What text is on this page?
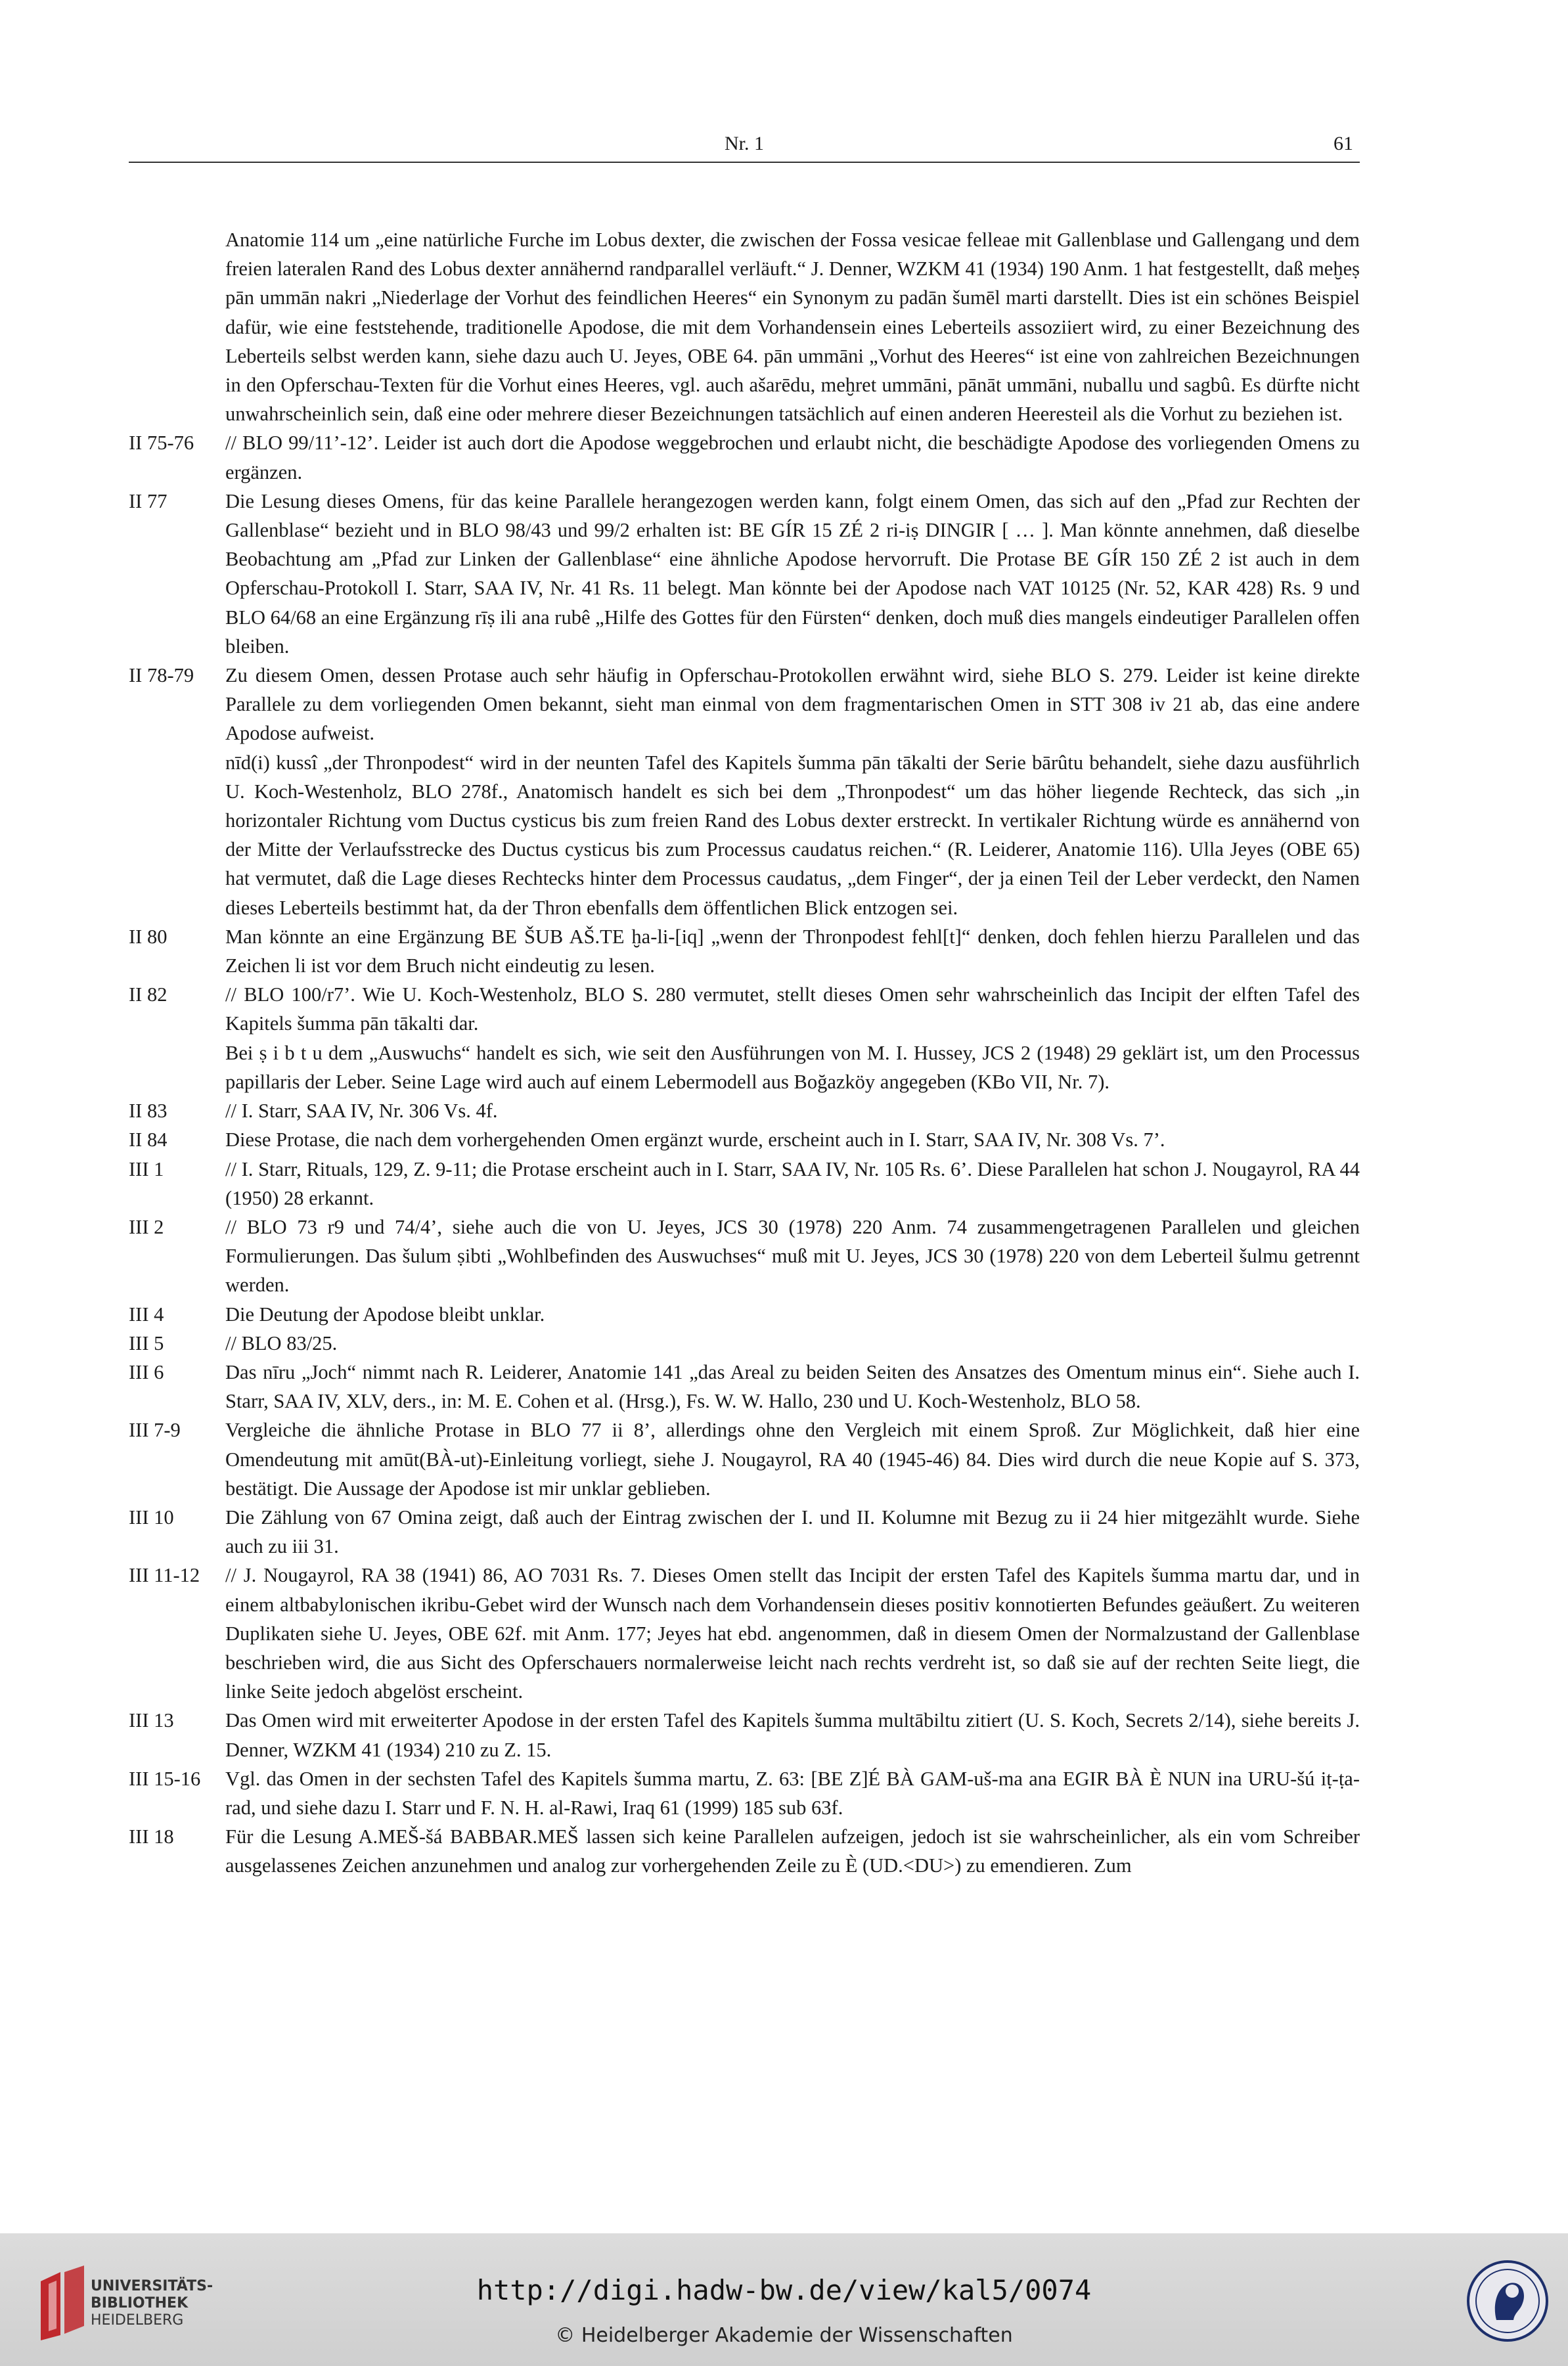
Nr. 1	61

Anatomie 114 um „eine natürliche Furche im Lobus dexter, die zwischen der Fossa vesicae felleae mit Gallenblase und Gallengang und dem freien lateralen Rand des Lobus dexter annähernd randparallel verläuft.“ J. Denner, WZKM 41 (1934) 190 Anm. 1 hat festgestellt, daß meḫeṣ pān ummān nakri „Niederlage der Vorhut des feindlichen Heeres“ ein Synonym zu padān šumēl marti darstellt. Dies ist ein schönes Beispiel dafür, wie eine feststehende, traditionelle Apodose, die mit dem Vorhandensein eines Leberteils assoziiert wird, zu einer Bezeichnung des Leberteils selbst werden kann, siehe dazu auch U. Jeyes, OBE 64. pān ummāni „Vorhut des Heeres“ ist eine von zahlreichen Bezeichnungen in den Opferschau-Texten für die Vorhut eines Heeres, vgl. auch ašarēdu, meḫret ummāni, pānāt ummāni, nuballu und sagbû. Es dürfte nicht unwahrscheinlich sein, daß eine oder mehrere dieser Bezeichnungen tatsächlich auf einen anderen Heeresteil als die Vorhut zu beziehen ist.

II 75-76 // BLO 99/11’-12’. Leider ist auch dort die Apodose weggebrochen und erlaubt nicht, die beschädigte Apodose des vorliegenden Omens zu ergänzen.

II 77	Die Lesung dieses Omens, für das keine Parallele herangezogen werden kann, folgt einem Omen, das sich auf den „Pfad zur Rechten der Gallenblase“ bezieht und in BLO 98/43 und 99/2 erhalten ist: BE GÍR 15 ZÉ 2 ri-iṣ DINGIR [ … ]. Man könnte annehmen, daß dieselbe Beobachtung am „Pfad zur Linken der Gallenblase“ eine ähnliche Apodose hervorruft. Die Protase BE GÍR 150 ZÉ 2 ist auch in dem Opferschau-Protokoll I. Starr, SAA IV, Nr. 41 Rs. 11 belegt. Man könnte bei der Apodose nach VAT 10125 (Nr. 52, KAR 428) Rs. 9 und BLO 64/68 an eine Ergänzung rīṣ ili ana rubê „Hilfe des Gottes für den Fürsten“ denken, doch muß dies mangels eindeutiger Parallelen offen bleiben.

II 78-79 Zu diesem Omen, dessen Protase auch sehr häufig in Opferschau-Protokollen erwähnt wird, siehe BLO S. 279. Leider ist keine direkte Parallele zu dem vorliegenden Omen bekannt, sieht man einmal von dem fragmentarischen Omen in STT 308 iv 21 ab, das eine andere Apodose aufweist.

nīd(i) kussî „der Thronpodest“ wird in der neunten Tafel des Kapitels šumma pān tākalti der Serie bārûtu behandelt, siehe dazu ausführlich U. Koch-Westenholz, BLO 278f., Anatomisch handelt es sich bei dem „Thronpodest“ um das höher liegende Rechteck, das sich „in horizontaler Richtung vom Ductus cysticus bis zum freien Rand des Lobus dexter erstreckt. In vertikaler Richtung würde es annähernd von der Mitte der Verlaufsstrecke des Ductus cysticus bis zum Processus caudatus reichen.“ (R. Leiderer, Anatomie 116). Ulla Jeyes (OBE 65) hat vermutet, daß die Lage dieses Rechtecks hinter dem Processus caudatus, „dem Finger“, der ja einen Teil der Leber verdeckt, den Namen dieses Leberteils bestimmt hat, da der Thron ebenfalls dem öffentlichen Blick entzogen sei.

II 80	Man könnte an eine Ergänzung BE ŠUB AŠ.TE ḫa-li-[iq] „wenn der Thronpodest fehl[t]“ denken, doch fehlen hierzu Parallelen und das Zeichen li ist vor dem Bruch nicht eindeutig zu lesen.

II 82	// BLO 100/r7’. Wie U. Koch-Westenholz, BLO S. 280 vermutet, stellt dieses Omen sehr wahrscheinlich das Incipit der elften Tafel des Kapitels šumma pān tākalti dar.

Bei ṣ i b t u dem „Auswuchs“ handelt es sich, wie seit den Ausführungen von M. I. Hussey, JCS 2 (1948) 29 geklärt ist, um den Processus papillaris der Leber. Seine Lage wird auch auf einem Lebermodell aus Boğazköy angegeben (KBo VII, Nr. 7).

II 83	// I. Starr, SAA IV, Nr. 306 Vs. 4f.

II 84	Diese Protase, die nach dem vorhergehenden Omen ergänzt wurde, erscheint auch in I. Starr, SAA IV, Nr. 308 Vs. 7’.

III 1	// I. Starr, Rituals, 129, Z. 9-11; die Protase erscheint auch in I. Starr, SAA IV, Nr. 105 Rs. 6’. Diese Parallelen hat schon J. Nougayrol, RA 44 (1950) 28 erkannt.

III 2	// BLO 73 r9 und 74/4’, siehe auch die von U. Jeyes, JCS 30 (1978) 220 Anm. 74 zusammengetragenen Parallelen und gleichen Formulierungen. Das šulum ṣibti „Wohlbefinden des Auswuchses“ muß mit U. Jeyes, JCS 30 (1978) 220 von dem Leberteil šulmu getrennt werden.

III 4	Die Deutung der Apodose bleibt unklar.

III 5	// BLO 83/25.

III 6	Das nīru „Joch“ nimmt nach R. Leiderer, Anatomie 141 „das Areal zu beiden Seiten des Ansatzes des Omentum minus ein“. Siehe auch I. Starr, SAA IV, XLV, ders., in: M. E. Cohen et al. (Hrsg.), Fs. W. W. Hallo, 230 und U. Koch-Westenholz, BLO 58.

III 7-9 Vergleiche die ähnliche Protase in BLO 77 ii 8’, allerdings ohne den Vergleich mit einem Sproß. Zur Möglichkeit, daß hier eine Omendeutung mit amūt(BÀ-ut)-Einleitung vorliegt, siehe J. Nougayrol, RA 40 (1945-46) 84. Dies wird durch die neue Kopie auf S. 373, bestätigt. Die Aussage der Apodose ist mir unklar geblieben.

III 10	Die Zählung von 67 Omina zeigt, daß auch der Eintrag zwischen der I. und II. Kolumne mit Bezug zu ii 24 hier mitgezählt wurde. Siehe auch zu iii 31.

III 11-12 // J. Nougayrol, RA 38 (1941) 86, AO 7031 Rs. 7. Dieses Omen stellt das Incipit der ersten Tafel des Kapitels šumma martu dar, und in einem altbabylonischen ikribu-Gebet wird der Wunsch nach dem Vorhandensein dieses positiv konnotierten Befundes geäußert. Zu weiteren Duplikaten siehe U. Jeyes, OBE 62f. mit Anm. 177; Jeyes hat ebd. angenommen, daß in diesem Omen der Normalzustand der Gallenblase beschrieben wird, die aus Sicht des Opferschauers normalerweise leicht nach rechts verdreht ist, so daß sie auf der rechten Seite liegt, die linke Seite jedoch abgelöst erscheint.

III 13	Das Omen wird mit erweiterter Apodose in der ersten Tafel des Kapitels šumma multābiltu zitiert (U. S. Koch, Secrets 2/14), siehe bereits J. Denner, WZKM 41 (1934) 210 zu Z. 15.

III 15-16 Vgl. das Omen in der sechsten Tafel des Kapitels šumma martu, Z. 63: [BE Z]É BÀ GAM-uš-ma ana EGIR BÀ È NUN ina URU-šú iṭ-ṭa-rad, und siehe dazu I. Starr und F. N. H. al-Rawi, Iraq 61 (1999) 185 sub 63f.

III 18	Für die Lesung A.MEŠ-šá BABBAR.MEŠ lassen sich keine Parallelen aufzeigen, jedoch ist sie wahrscheinlicher, als ein vom Schreiber ausgelassenes Zeichen anzunehmen und analog zur vorhergehenden Zeile zu È (UD.<DU>) zu emendieren. Zum

UNIVERSITÄTS-
BIBLIOTHEK
HEIDELBERG
http://digi.hadw-bw.de/view/kal5/0074
© Heidelberger Akademie der Wissenschaften
